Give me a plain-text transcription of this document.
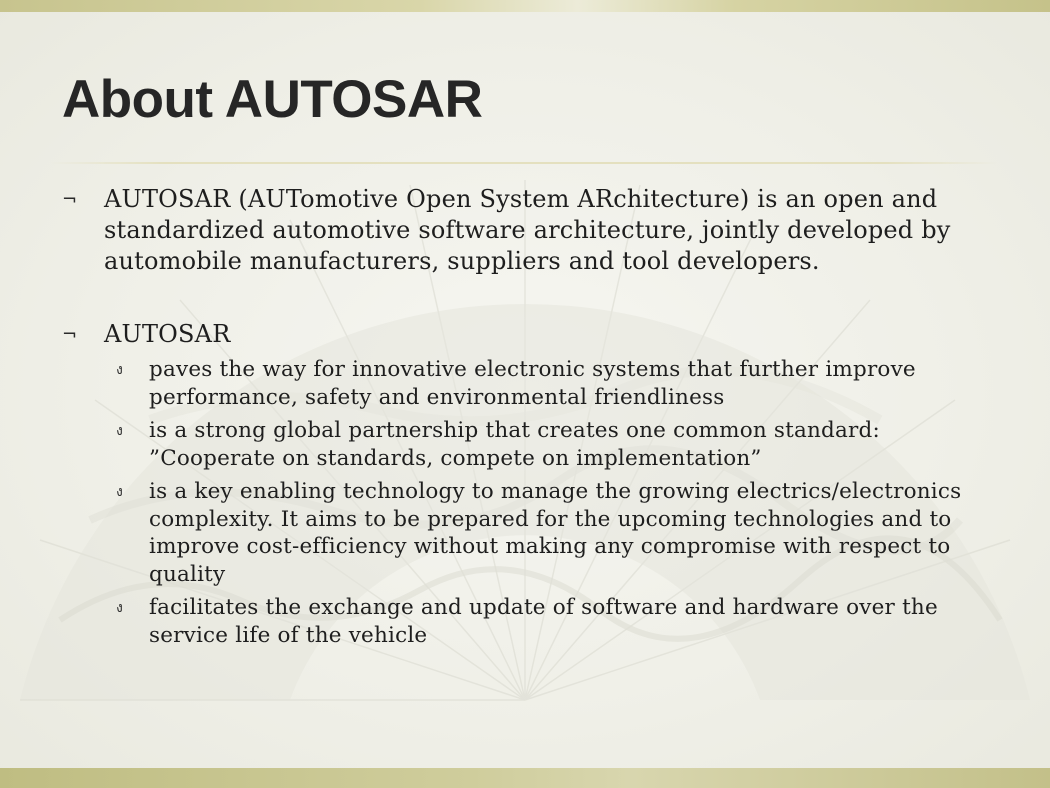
About AUTOSAR
¬	AUTOSAR (AUTomotive Open System ARchitecture) is an open and standardized automotive software architecture, jointly developed by automobile manufacturers, suppliers and tool developers.
¬	AUTOSAR
ง paves the way for innovative electronic systems that further improve performance, safety and environmental friendliness
ง is a strong global partnership that creates one common standard: ”Cooperate on standards, compete on implementation”
ง is a key enabling technology to manage the growing electrics/electronics complexity. It aims to be prepared for the upcoming technologies and to improve cost-efficiency without making any compromise with respect to quality
ง facilitates the exchange and update of software and hardware over the service life of the vehicle
